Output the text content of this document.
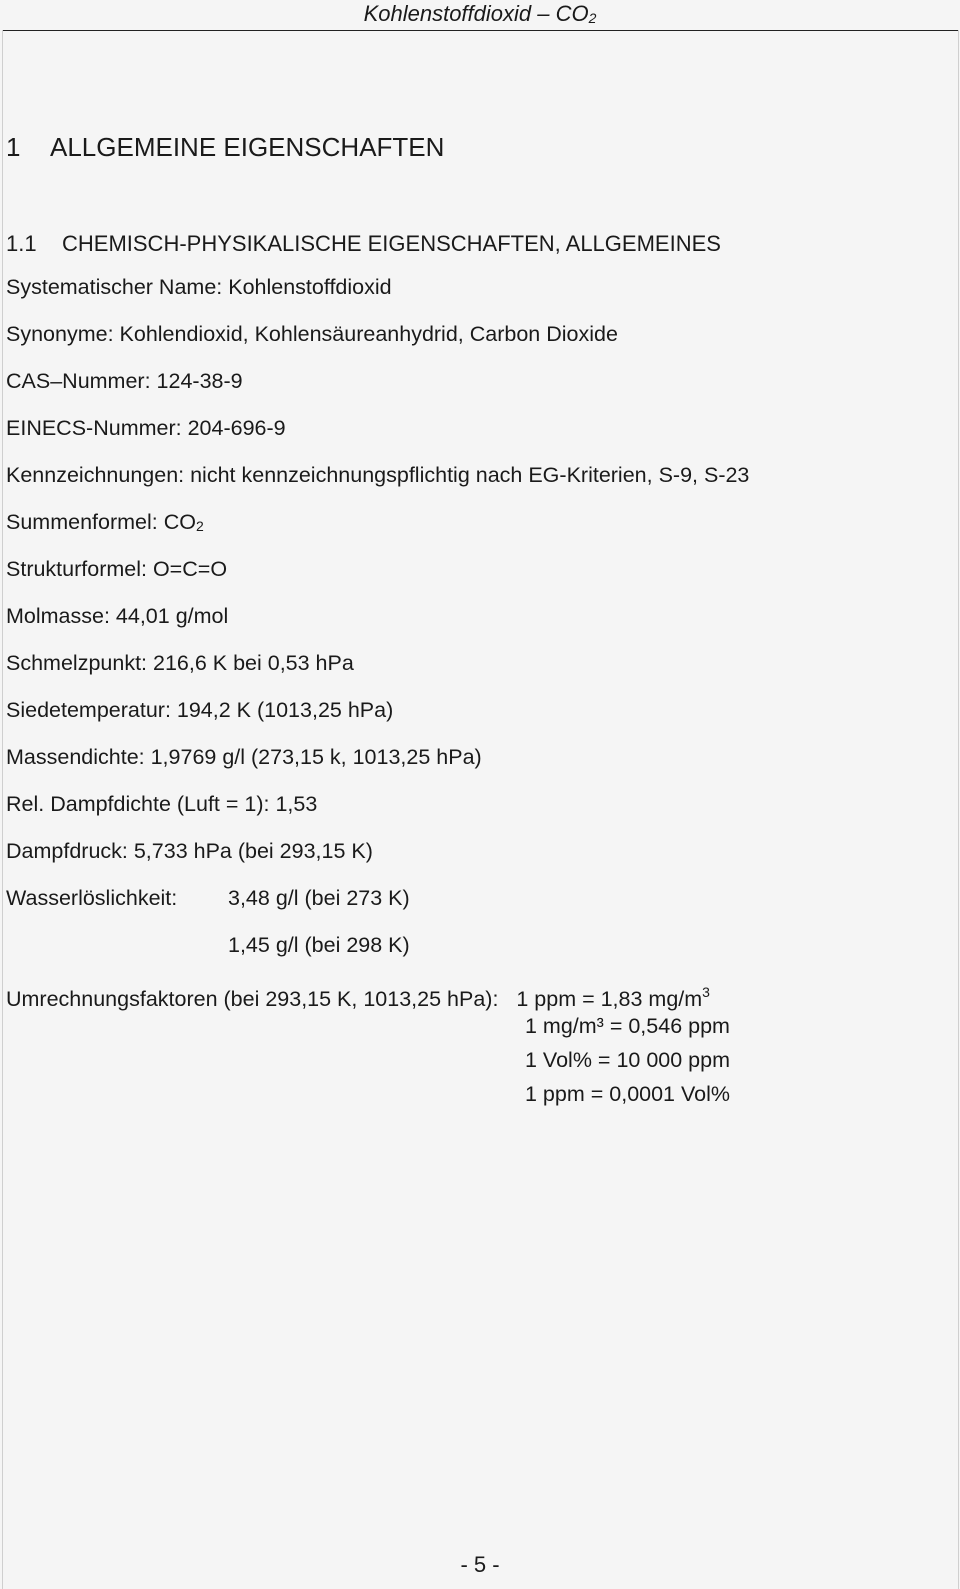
Kohlenstoffdioxid – $CO_2$
1 ALLGEMEINE EIGENSCHAFTEN
1.1 CHEMISCH-PHYSIKALISCHE EIGENSCHAFTEN, ALLGEMEINES
Systematischer Name: Kohlenstoffdioxid
Synonyme: Kohlendioxid, Kohlensäureanhydrid, Carbon Dioxide
CAS–Nummer: 124-38-9
EINECS-Nummer: 204-696-9
Kennzeichnungen: nicht kennzeichnungspflichtig nach EG-Kriterien, S-9, S-23
Summenformel: $CO_2$
Strukturformel: O=C=O
Molmasse: 44,01 g/mol
Schmelzpunkt: 216,6 K bei 0,53 hPa
Siedetemperatur: 194,2 K (1013,25 hPa)
Massendichte: 1,9769 g/l (273,15 k, 1013,25 hPa)
Rel. Dampfdichte (Luft = 1): 1,53
Dampfdruck: 5,733 hPa (bei 293,15 K)
Wasserlöslichkeit: 3,48 g/l (bei 273 K)
1,45 g/l (bei 298 K)
Umrechnungsfaktoren (bei 293,15 K, 1013,25 hPa): 1 ppm = 1,83 $mg/m^3$
1 mg/m³ = 0,546 ppm
1 Vol% = 10 000 ppm
1 ppm = 0,0001 Vol%
- 5 -
